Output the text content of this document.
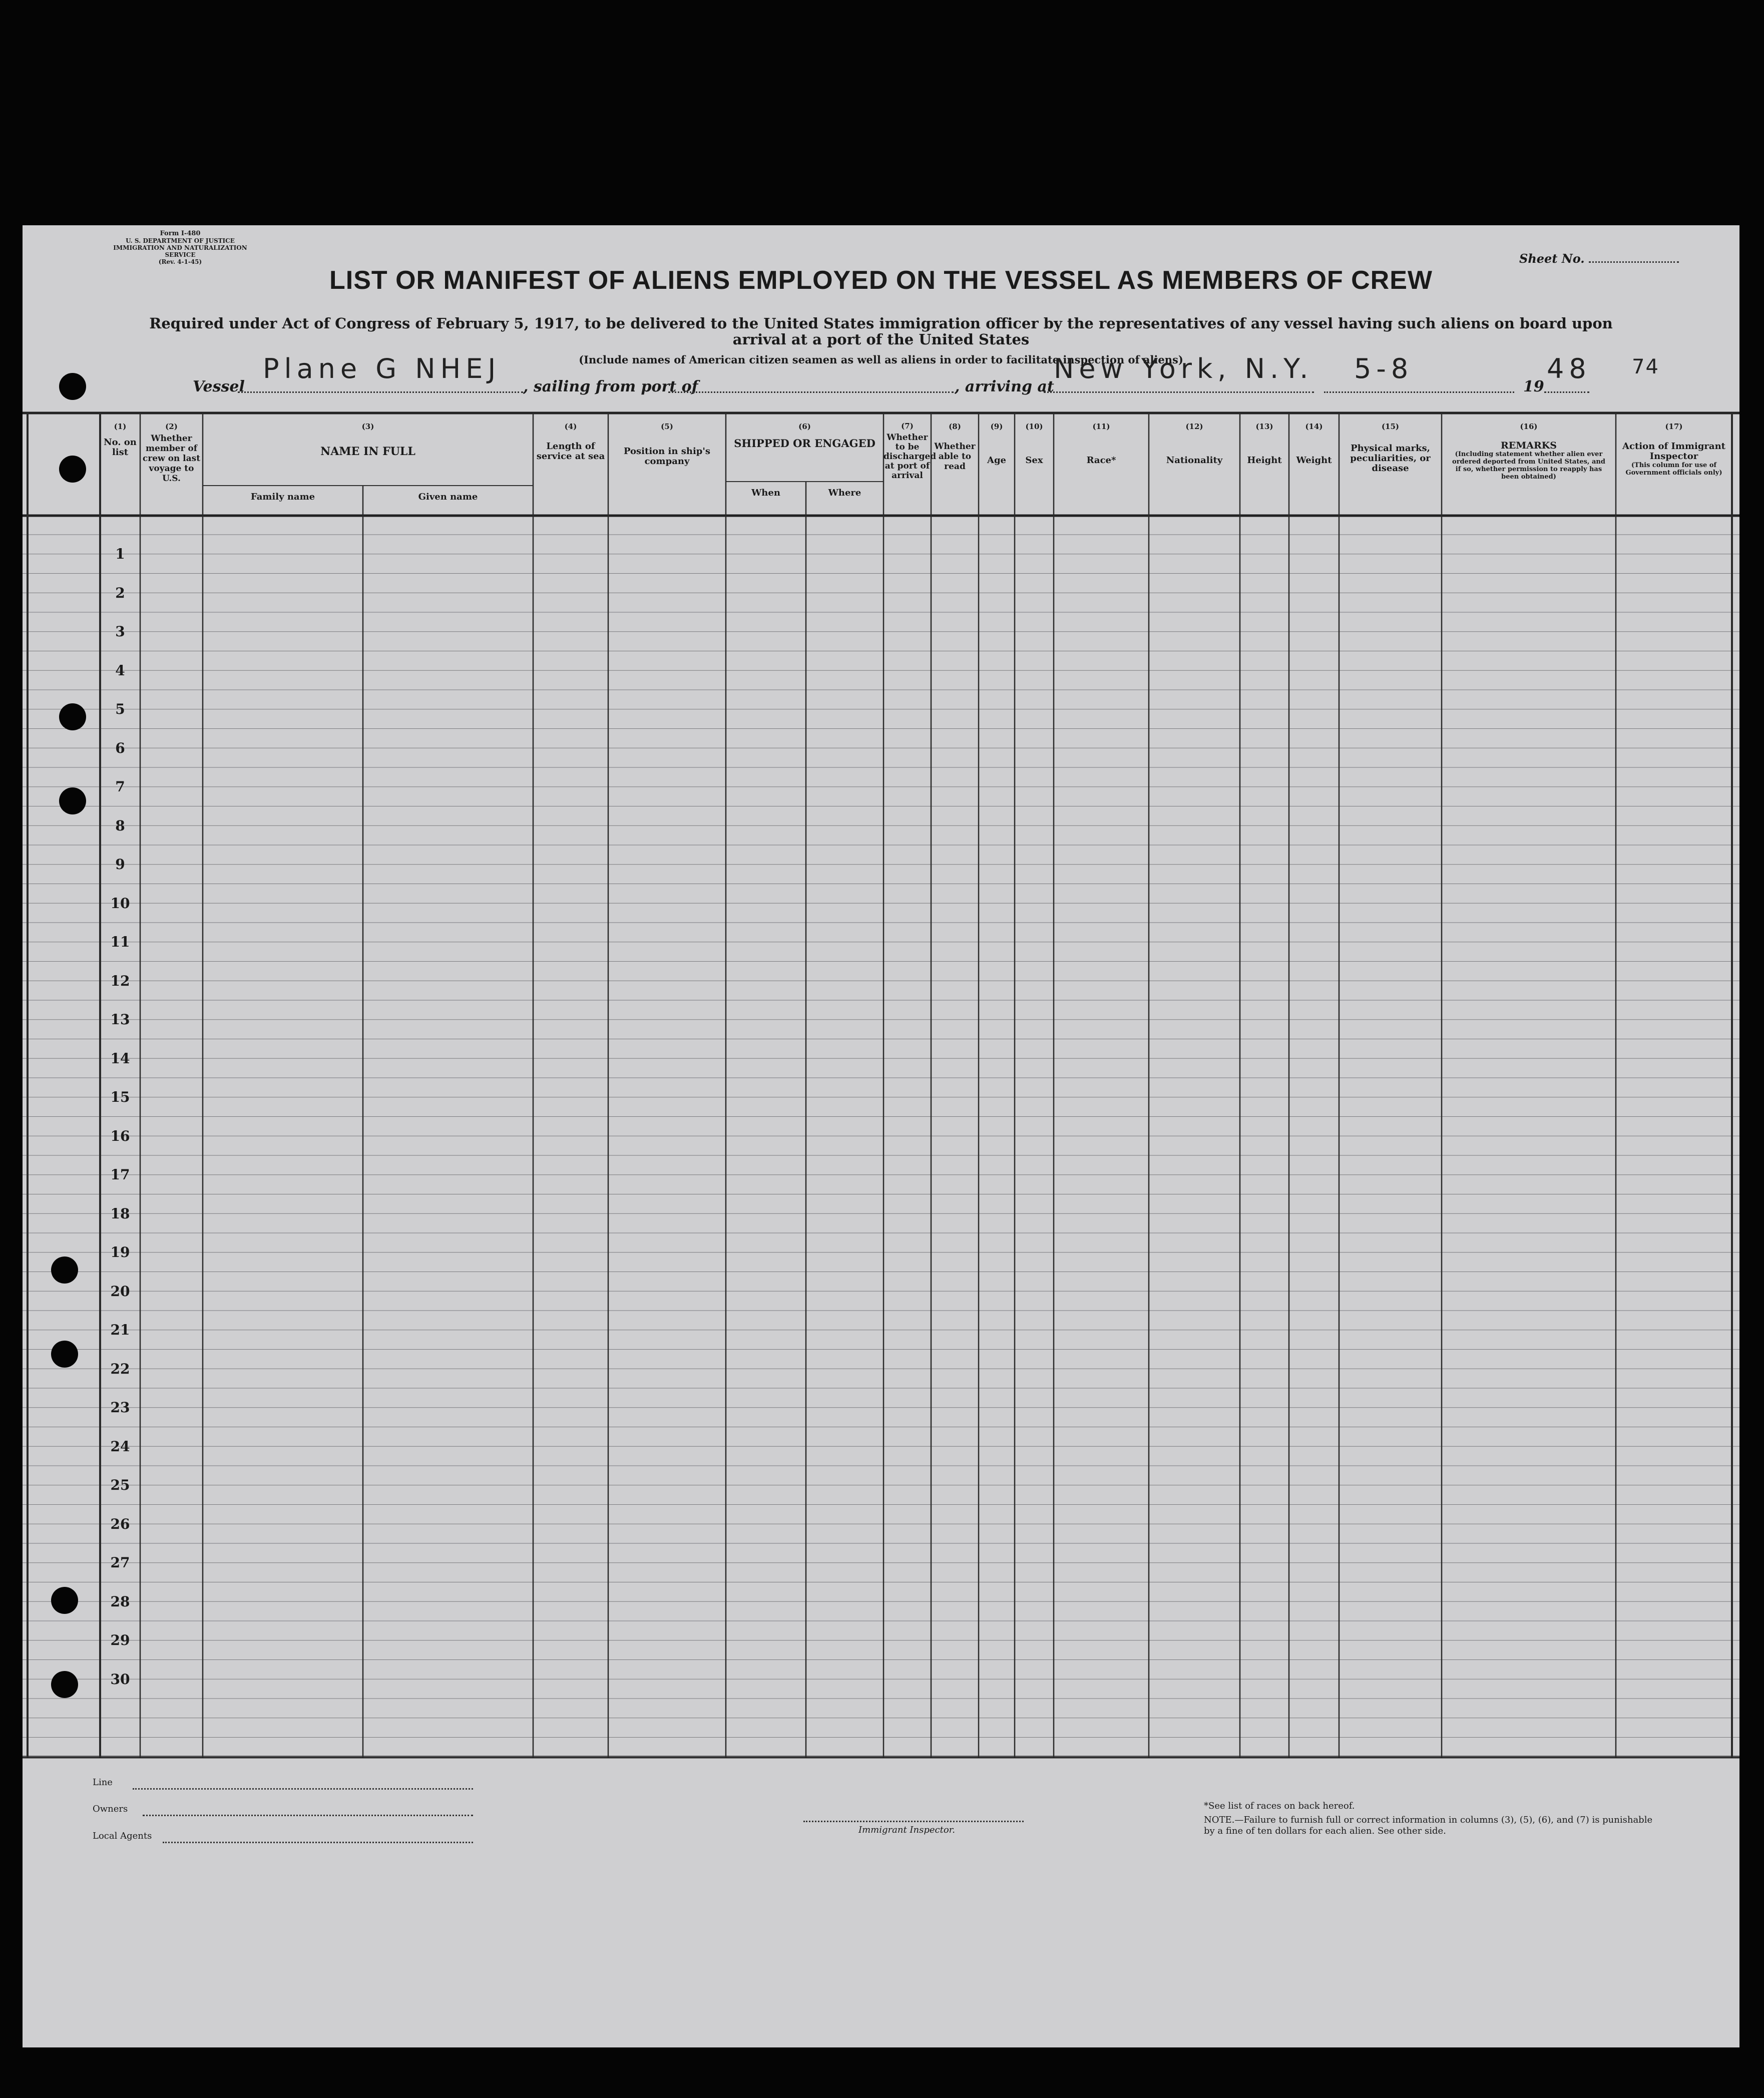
Form I-480
U. S. DEPARTMENT OF JUSTICE
IMMIGRATION AND NATURALIZATION SERVICE
(Rev. 4-1-45)	Sheet No.
LIST OR MANIFEST OF ALIENS EMPLOYED ON THE VESSEL AS MEMBERS OF CREW
Required under Act of Congress of February 5, 1917, to be delivered to the United States immigration officer by the representatives of any vessel having such aliens on board upon arrival at a port of the United States
(Include names of American citizen seamen as well as aliens in order to facilitate inspection of aliens)
Vessel
Plane G NHEJ
, sailing from port of	, arriving at
New York, N.Y. 5-8
19
48 74
(1)
No. on list
(2)
Whether member of crew on last voyage to U.S.
(3)
NAME IN FULL
Family name	Given name
(4)
Length of service at sea
(5)
Position in ship's company
(6)
SHIPPED OR ENGAGED
When	Where
(7)
Whether to be discharged at port of arrival
(8)
Whether able to read
(9)
Age
(10)
Sex
(11)
Race*
(12)
Nationality
(13)
Height
(14)
Weight
(15)
Physical marks, peculiarities, or disease
(16)
REMARKS
(Including statement whether alien ever ordered deported from United States, and if so, whether permission to reapply has been obtained)
(17)
Action of Immigrant Inspector
(This column for use of Government officials only)
1
2
3
4
5
6
7
8
9
10
11
12
13
14
15
16
17
18
19
20
21
22
23
24
25
26
27
28
29
30
Line
Owners
Local Agents
Immigrant Inspector.
*See list of races on back hereof.
NOTE.—Failure to furnish full or correct information in columns (3), (5), (6), and (7) is punishable by a fine of ten dollars for each alien. See other side.
